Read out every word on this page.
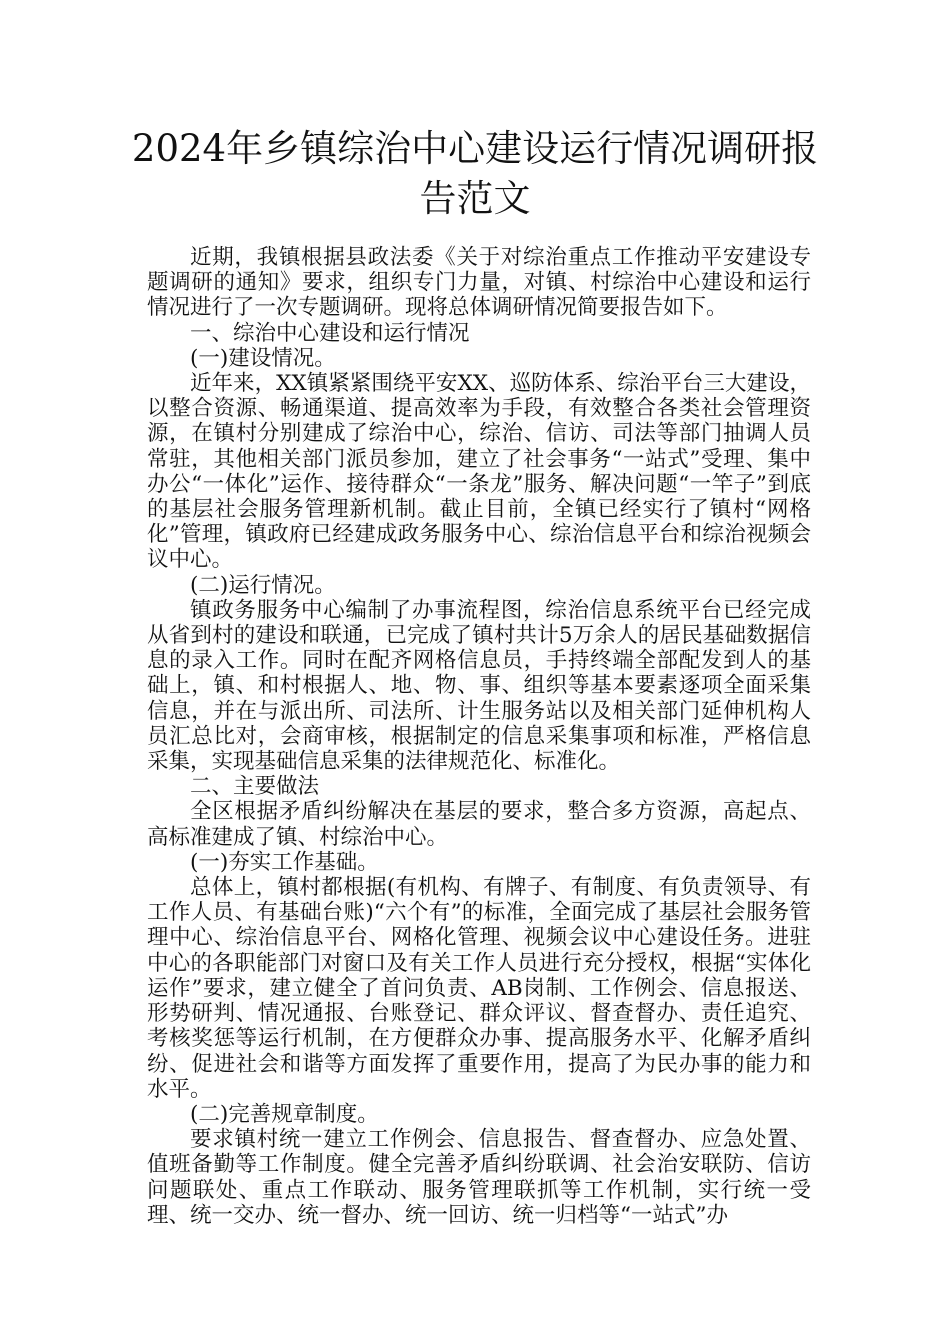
2024年乡镇综治中心建设运行情况调研报
告范文

近期，我镇根据县政法委《关于对综治重点工作推动平安建设专题调研的通知》要求，组织专门力量，对镇、村综治中心建设和运行情况进行了一次专题调研。现将总体调研情况简要报告如下。

一、综治中心建设和运行情况

(一)建设情况。

近年来，XX镇紧紧围绕平安XX、巡防体系、综治平台三大建设，以整合资源、畅通渠道、提高效率为手段，有效整合各类社会管理资源，在镇村分别建成了综治中心，综治、信访、司法等部门抽调人员常驻，其他相关部门派员参加，建立了社会事务“一站式”受理、集中办公“一体化”运作、接待群众“一条龙”服务、解决问题“一竿子”到底的基层社会服务管理新机制。截止目前，全镇已经实行了镇村“网格化”管理，镇政府已经建成政务服务中心、综治信息平台和综治视频会议中心。

(二)运行情况。

镇政务服务中心编制了办事流程图，综治信息系统平台已经完成从省到村的建设和联通，已完成了镇村共计5万余人的居民基础数据信息的录入工作。同时在配齐网格信息员，手持终端全部配发到人的基础上，镇、和村根据人、地、物、事、组织等基本要素逐项全面采集信息，并在与派出所、司法所、计生服务站以及相关部门延伸机构人员汇总比对，会商审核，根据制定的信息采集事项和标准，严格信息采集，实现基础信息采集的法律规范化、标准化。

二、主要做法

全区根据矛盾纠纷解决在基层的要求，整合多方资源，高起点、高标准建成了镇、村综治中心。

(一)夯实工作基础。

总体上，镇村都根据(有机构、有牌子、有制度、有负责领导、有工作人员、有基础台账)“六个有”的标准，全面完成了基层社会服务管理中心、综治信息平台、网格化管理、视频会议中心建设任务。进驻中心的各职能部门对窗口及有关工作人员进行充分授权，根据“实体化运作”要求，建立健全了首问负责、AB岗制、工作例会、信息报送、形势研判、情况通报、台账登记、群众评议、督查督办、责任追究、考核奖惩等运行机制，在方便群众办事、提高服务水平、化解矛盾纠纷、促进社会和谐等方面发挥了重要作用，提高了为民办事的能力和水平。

(二)完善规章制度。

要求镇村统一建立工作例会、信息报告、督查督办、应急处置、值班备勤等工作制度。健全完善矛盾纠纷联调、社会治安联防、信访问题联处、重点工作联动、服务管理联抓等工作机制，实行统一受理、统一交办、统一督办、统一回访、统一归档等“一站式”办
